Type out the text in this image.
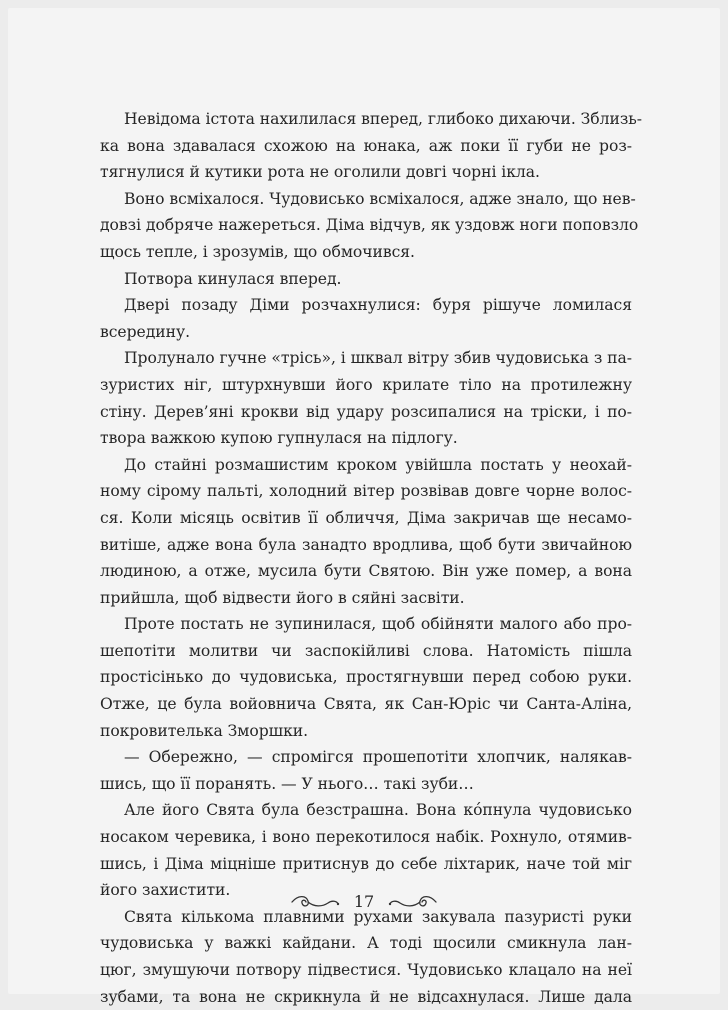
Невідома істота нахилилася вперед, глибоко дихаючи. Зблизь-
ка вона здавалася схожою на юнака, аж поки її губи не роз-
тягнулися й кутики рота не оголили довгі чорні ікла.
Воно всміхалося. Чудовисько всміхалося, адже знало, що нев-
довзі добряче нажереться. Діма відчув, як уздовж ноги поповзло
щось тепле, і зрозумів, що обмочився.
Потвора кинулася вперед.
Двері позаду Діми розчахнулися: буря рішуче ломилася
всередину.
Пролунало гучне «трісь», і шквал вітру збив чудовиська з па-
зуристих ніг, штурхнувши його крилате тіло на протилежну
стіну. Дерев’яні крокви від удару розсипалися на тріски, і по-
твора важкою купою гупнулася на підлогу.
До стайні розмашистим кроком увійшла постать у неохай-
ному сірому пальті, холодний вітер розвівав довге чорне волос-
ся. Коли місяць освітив її обличчя, Діма закричав ще несамо-
витіше, адже вона була занадто вродлива, щоб бути звичайною
людиною, а отже, мусила бути Святою. Він уже помер, а вона
прийшла, щоб відвести його в сяйні засвіти.
Проте постать не зупинилася, щоб обійняти малого або про-
шепотіти молитви чи заспокійливі слова. Натомість пішла
простісінько до чудовиська, простягнувши перед собою руки.
Отже, це була войовнича Свята, як Сан-Юріс чи Санта-Аліна,
покровителька Зморшки.
— Обережно, — спромігся прошепотіти хлопчик, налякав-
шись, що її поранять. — У нього… такі зуби…
Але його Свята була безстрашна. Вона кóпнула чудовисько
носаком черевика, і воно перекотилося набік. Рохнуло, отямив-
шись, і Діма міцніше притиснув до себе ліхтарик, наче той міг
його захистити.
Свята кількома плавними рухами закувала пазуристі руки
чудовиська у важкі кайдани. А тоді щосили смикнула лан-
цюг, змушуючи потвору підвестися. Чудовисько клацало на неї
зубами, та вона не скрикнула й не відсахнулася. Лише дала
17
